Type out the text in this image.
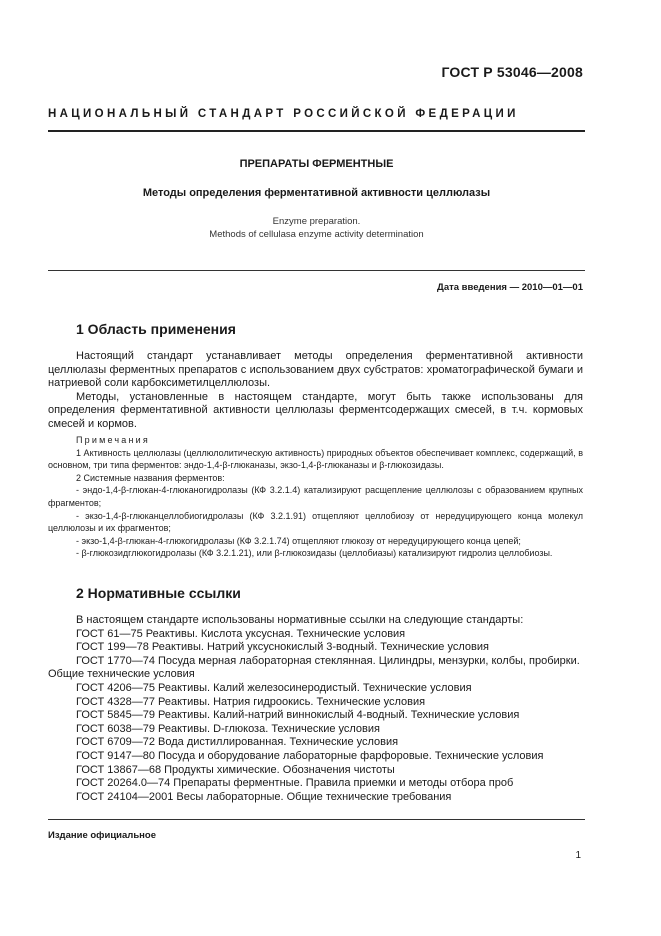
ГОСТ Р 53046—2008
НАЦИОНАЛЬНЫЙ СТАНДАРТ РОССИЙСКОЙ ФЕДЕРАЦИИ
ПРЕПАРАТЫ ФЕРМЕНТНЫЕ
Методы определения ферментативной активности целлюлазы
Enzyme preparation.
Methods of cellulasa enzyme activity determination
Дата введения — 2010—01—01
1 Область применения

Настоящий стандарт устанавливает методы определения ферментативной активности целлюлазы ферментных препаратов с использованием двух субстратов: хроматографической бумаги и натриевой соли карбоксиметилцеллюлозы.

Методы, установленные в настоящем стандарте, могут быть также использованы для определения ферментативной активности целлюлазы ферментсодержащих смесей, в т.ч. кормовых смесей и кормов.

Примечания

1 Активность целлюлазы (целлюлолитическую активность) природных объектов обеспечивает комплекс, содержащий, в основном, три типа ферментов: эндо-1,4-β-глюканазы, экзо-1,4-β-глюканазы и β-глюкозидазы.

2 Системные названия ферментов:

- эндо-1,4-β-глюкан-4-глюканогидролазы (КФ 3.2.1.4) катализируют расщепление целлюлозы с образованием крупных фрагментов;

- экзо-1,4-β-глюканцеллобиогидролазы (КФ 3.2.1.91) отщепляют целлобиозу от нередуцирующего конца молекул целлюлозы и их фрагментов;

- экзо-1,4-β-глюкан-4-глюкогидролазы (КФ 3.2.1.74) отщепляют глюкозу от нередуцирующего конца цепей;

- β-глюкозидглюкогидролазы (КФ 3.2.1.21), или β-глюкозидазы (целлобиазы) катализируют гидролиз целлобиозы.

2 Нормативные ссылки
В настоящем стандарте использованы нормативные ссылки на следующие стандарты:
ГОСТ 61—75 Реактивы. Кислота уксусная. Технические условия
ГОСТ 199—78 Реактивы. Натрий уксуснокислый 3-водный. Технические условия
ГОСТ 1770—74 Посуда мерная лабораторная стеклянная. Цилиндры, мензурки, колбы, пробирки.
Общие технические условия
ГОСТ 4206—75 Реактивы. Калий железосинеродистый. Технические условия
ГОСТ 4328—77 Реактивы. Натрия гидроокись. Технические условия
ГОСТ 5845—79 Реактивы. Калий-натрий виннокислый 4-водный. Технические условия
ГОСТ 6038—79 Реактивы. D-глюкоза. Технические условия
ГОСТ 6709—72 Вода дистиллированная. Технические условия
ГОСТ 9147—80 Посуда и оборудование лабораторные фарфоровые. Технические условия
ГОСТ 13867—68 Продукты химические. Обозначения чистоты
ГОСТ 20264.0—74 Препараты ферментные. Правила приемки и методы отбора проб
ГОСТ 24104—2001 Весы лабораторные. Общие технические требования
Издание официальное
1
